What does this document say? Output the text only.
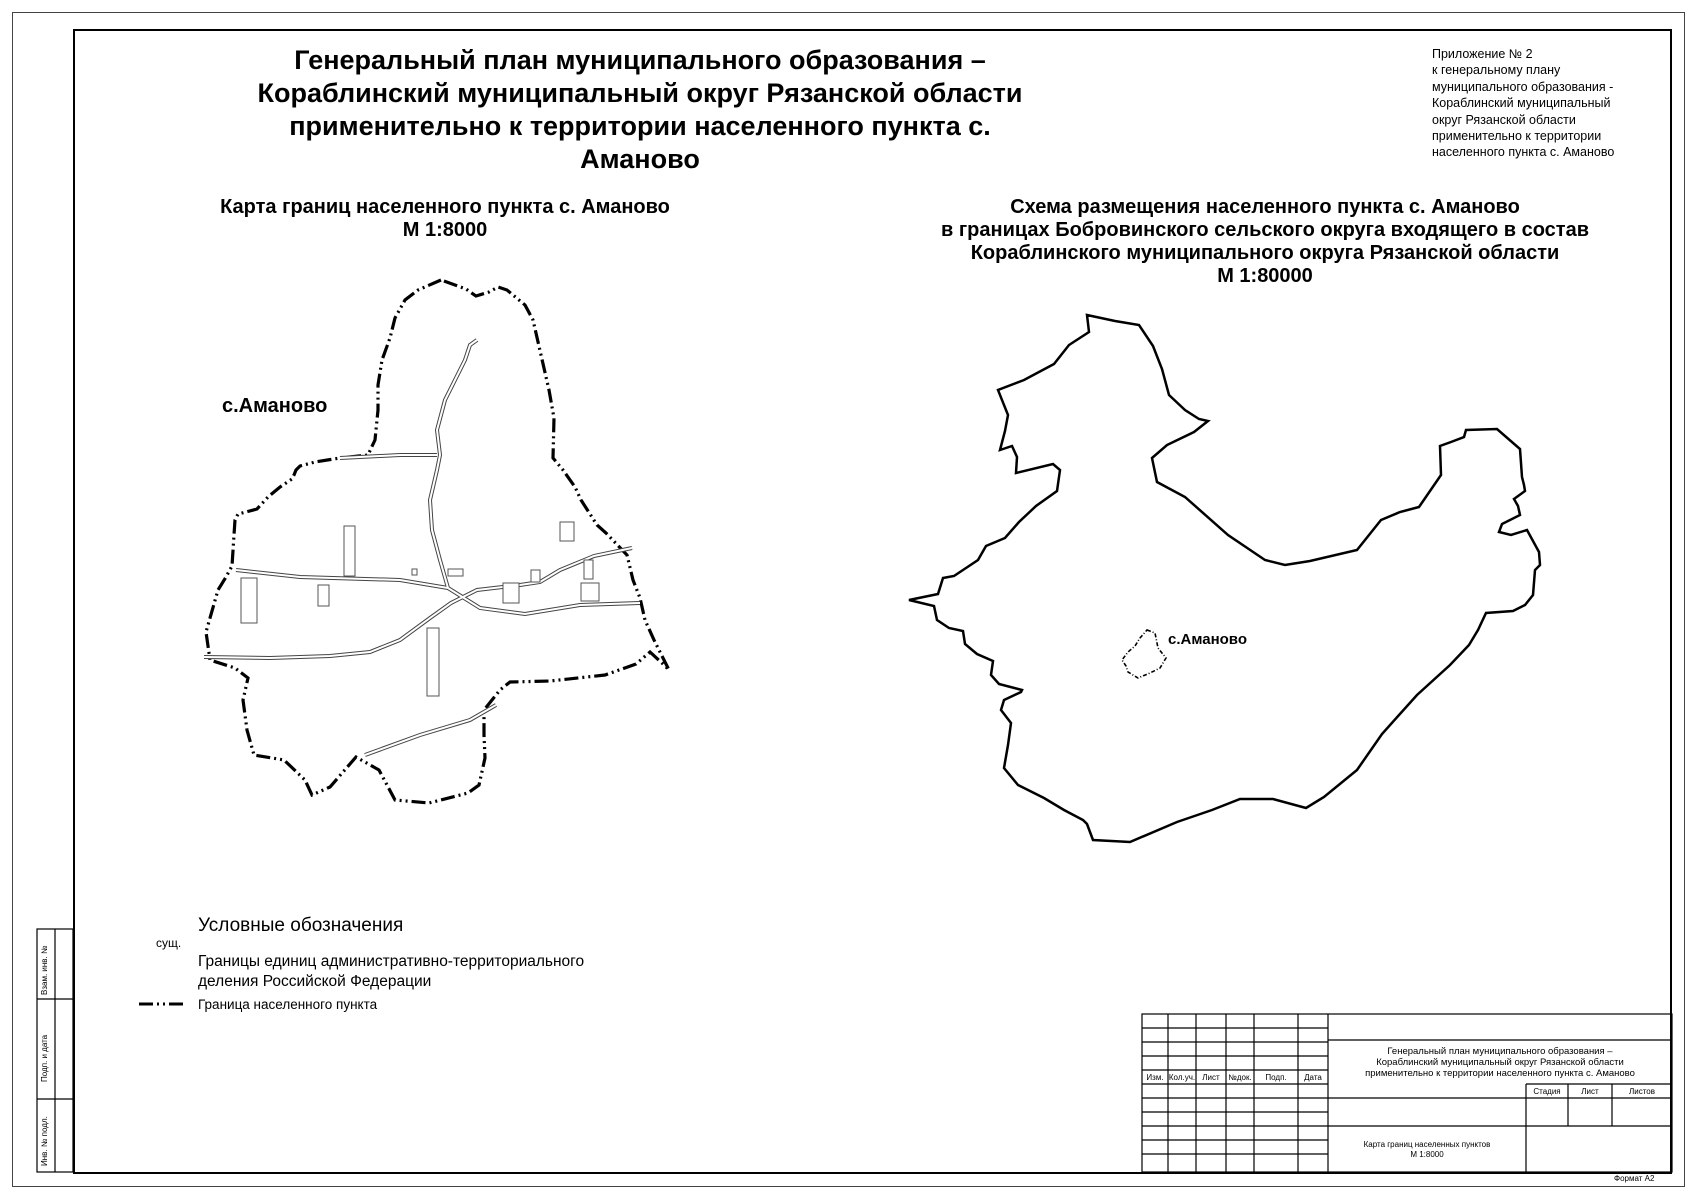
Генеральный план муниципального образования – Кораблинский муниципальный округ Рязанской области применительно к территории населенного пункта с. Аманово
Приложение № 2
к генеральному плану
муниципального образования -
Кораблинский муниципальный
округ Рязанской области
применительно к территории
населенного пункта с. Аманово
Карта границ населенного пункта с. Аманово
М 1:8000
Схема размещения населенного пункта с. Аманово
в границах Бобровинского сельского округа входящего в состав
Кораблинского муниципального округа Рязанской области
М 1:80000
с.Аманово
с.Аманово
Условные обозначения
сущ.
Границы единиц административно-территориального
деления Российской Федерации
Граница населенного пункта
Взам. инв. №
Подп. и дата
Инв. № подл.
Изм. Кол.уч. Лист	№док.	Подп.	Дата
Генеральный план муниципального образования –
Кораблинский муниципальный округ Рязанской области
применительно к территории населенного пункта с. Аманово
Стадия	Лист	Листов
Карта границ населенных пунктов
М 1:8000
Формат А2
